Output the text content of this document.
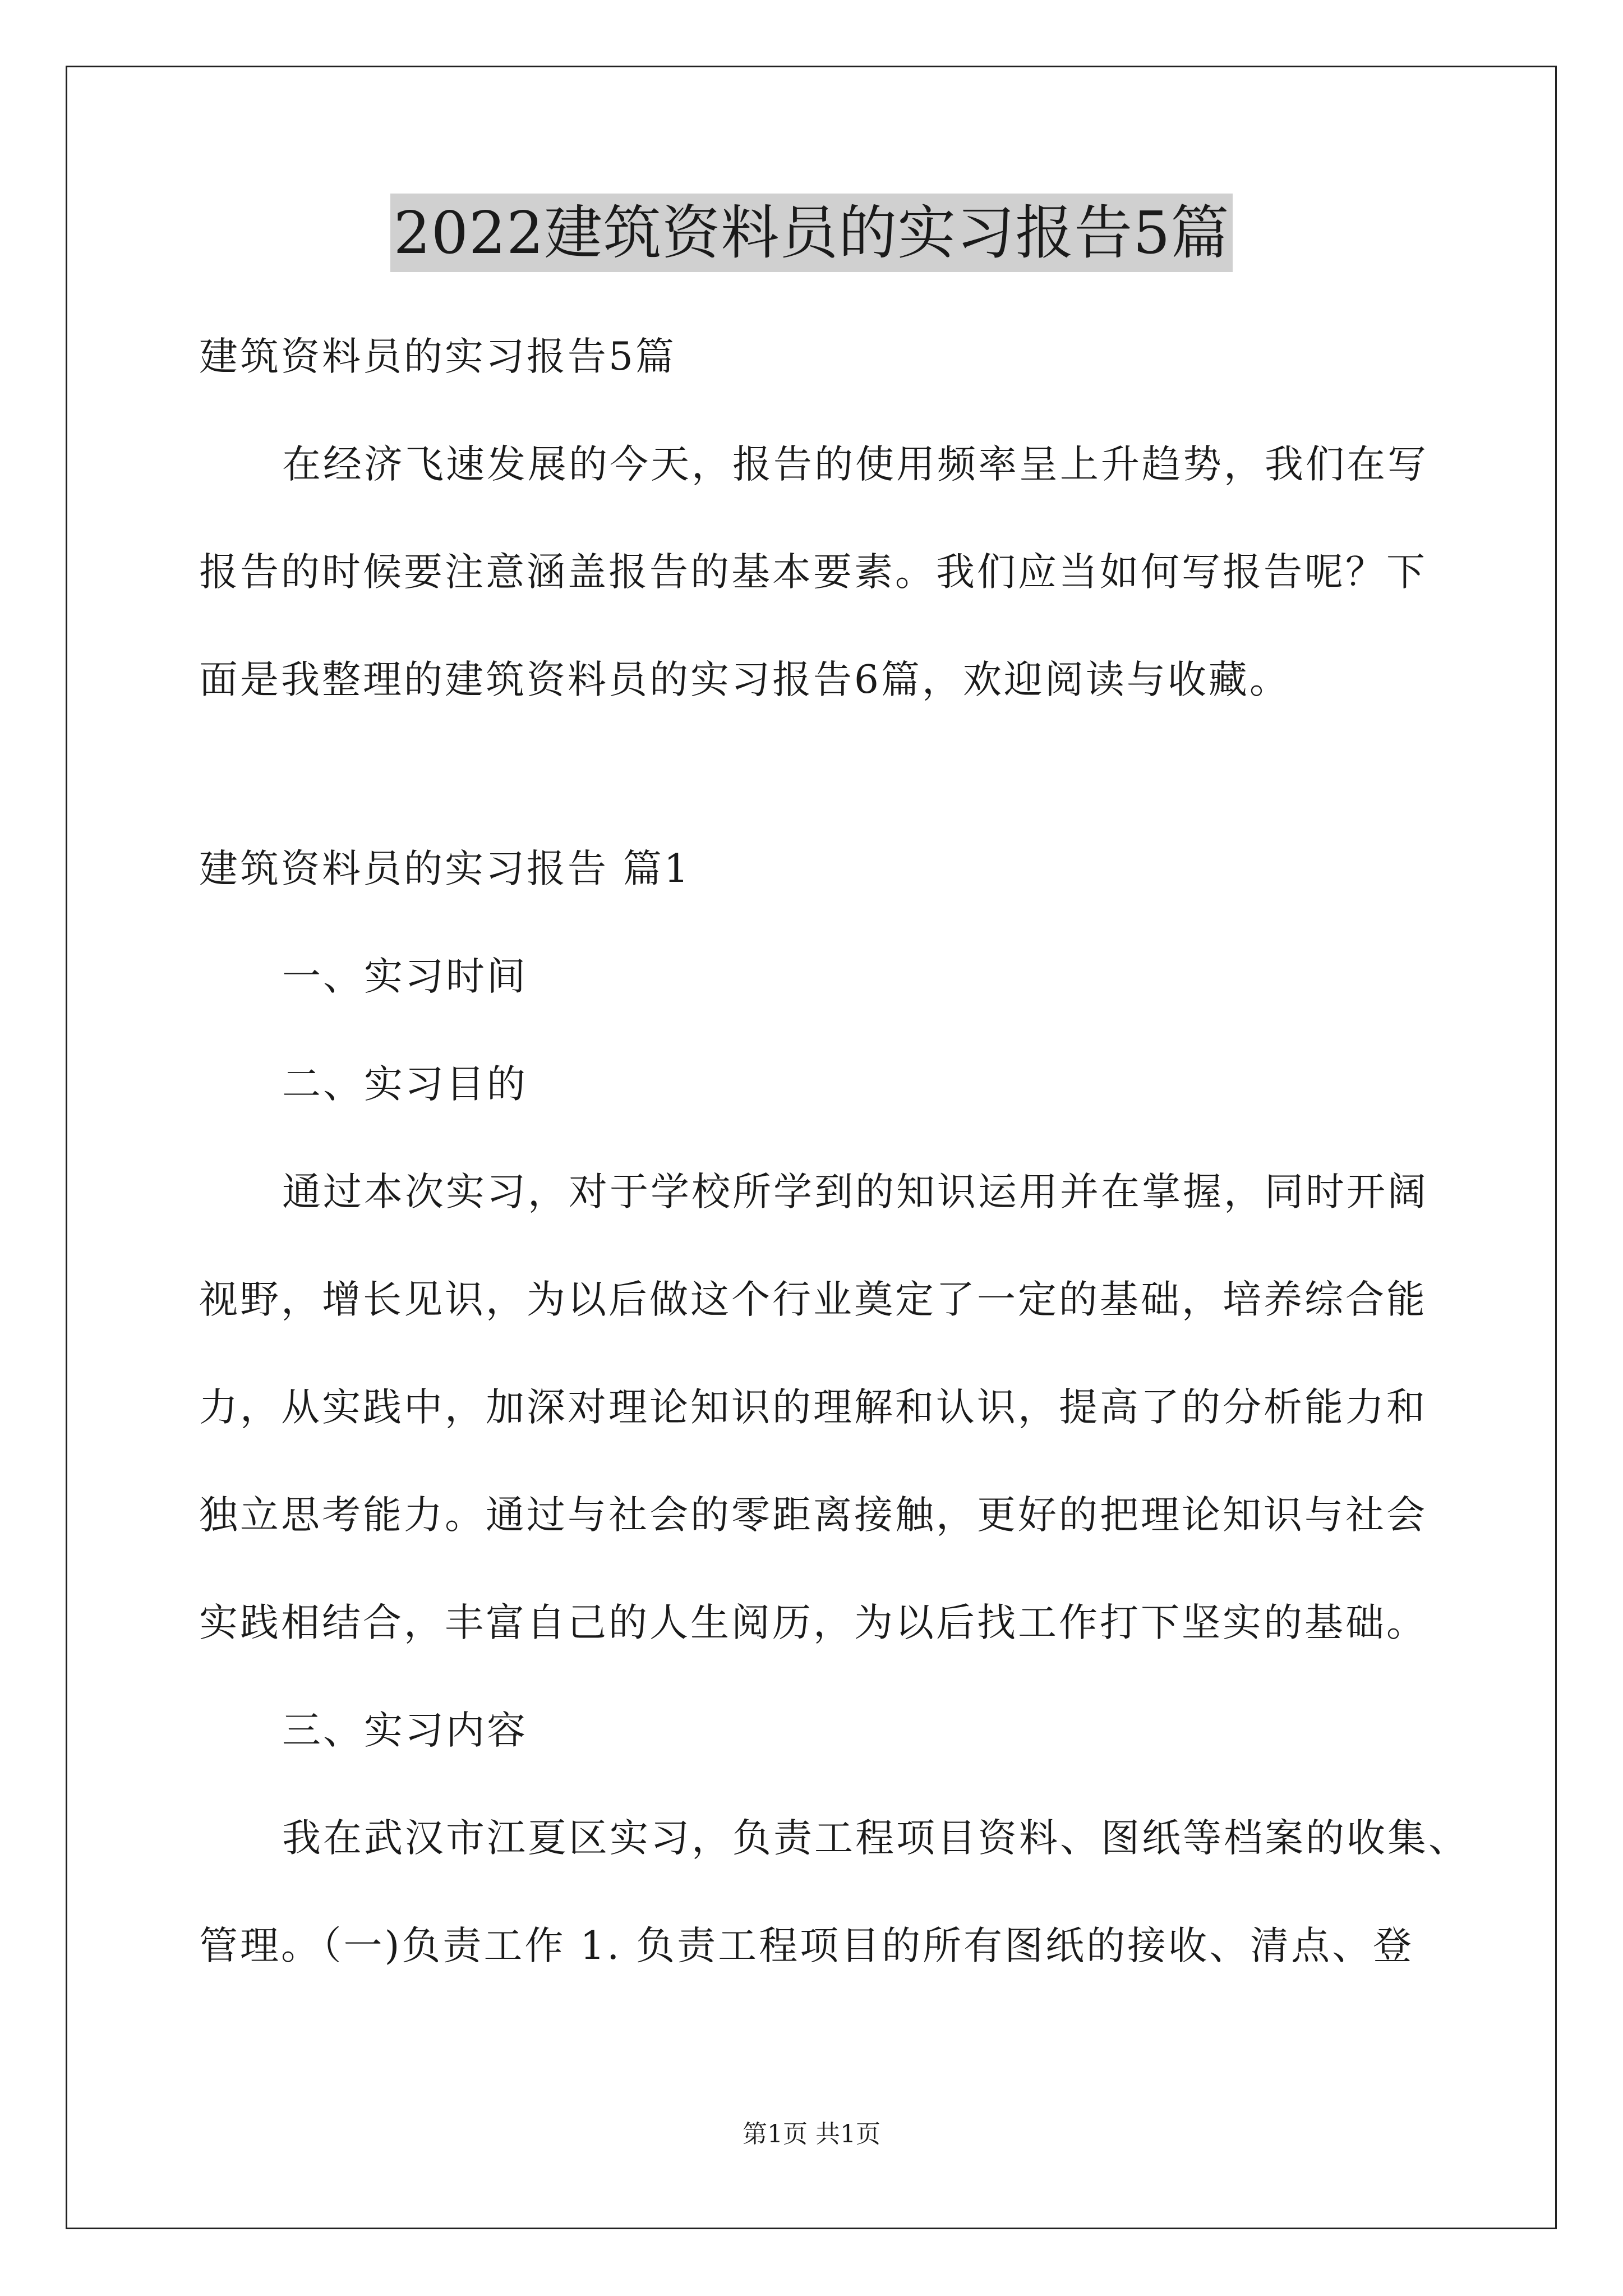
2022建筑资料员的实习报告5篇
建筑资料员的实习报告5篇
在经济飞速发展的今天，报告的使用频率呈上升趋势，我们在写
报告的时候要注意涵盖报告的基本要素。我们应当如何写报告呢？下
面是我整理的建筑资料员的实习报告6篇，欢迎阅读与收藏。
建筑资料员的实习报告 篇1
一、实习时间
二、实习目的
通过本次实习，对于学校所学到的知识运用并在掌握，同时开阔
视野，增长见识，为以后做这个行业奠定了一定的基础，培养综合能
力，从实践中，加深对理论知识的理解和认识，提高了的分析能力和
独立思考能力。通过与社会的零距离接触，更好的把理论知识与社会
实践相结合，丰富自己的人生阅历，为以后找工作打下坚实的基础。
三、实习内容
我在武汉市江夏区实习，负责工程项目资料、图纸等档案的收集、
管理。（一)负责工作 1. 负责工程项目的所有图纸的接收、清点、登
第1页 共1页
